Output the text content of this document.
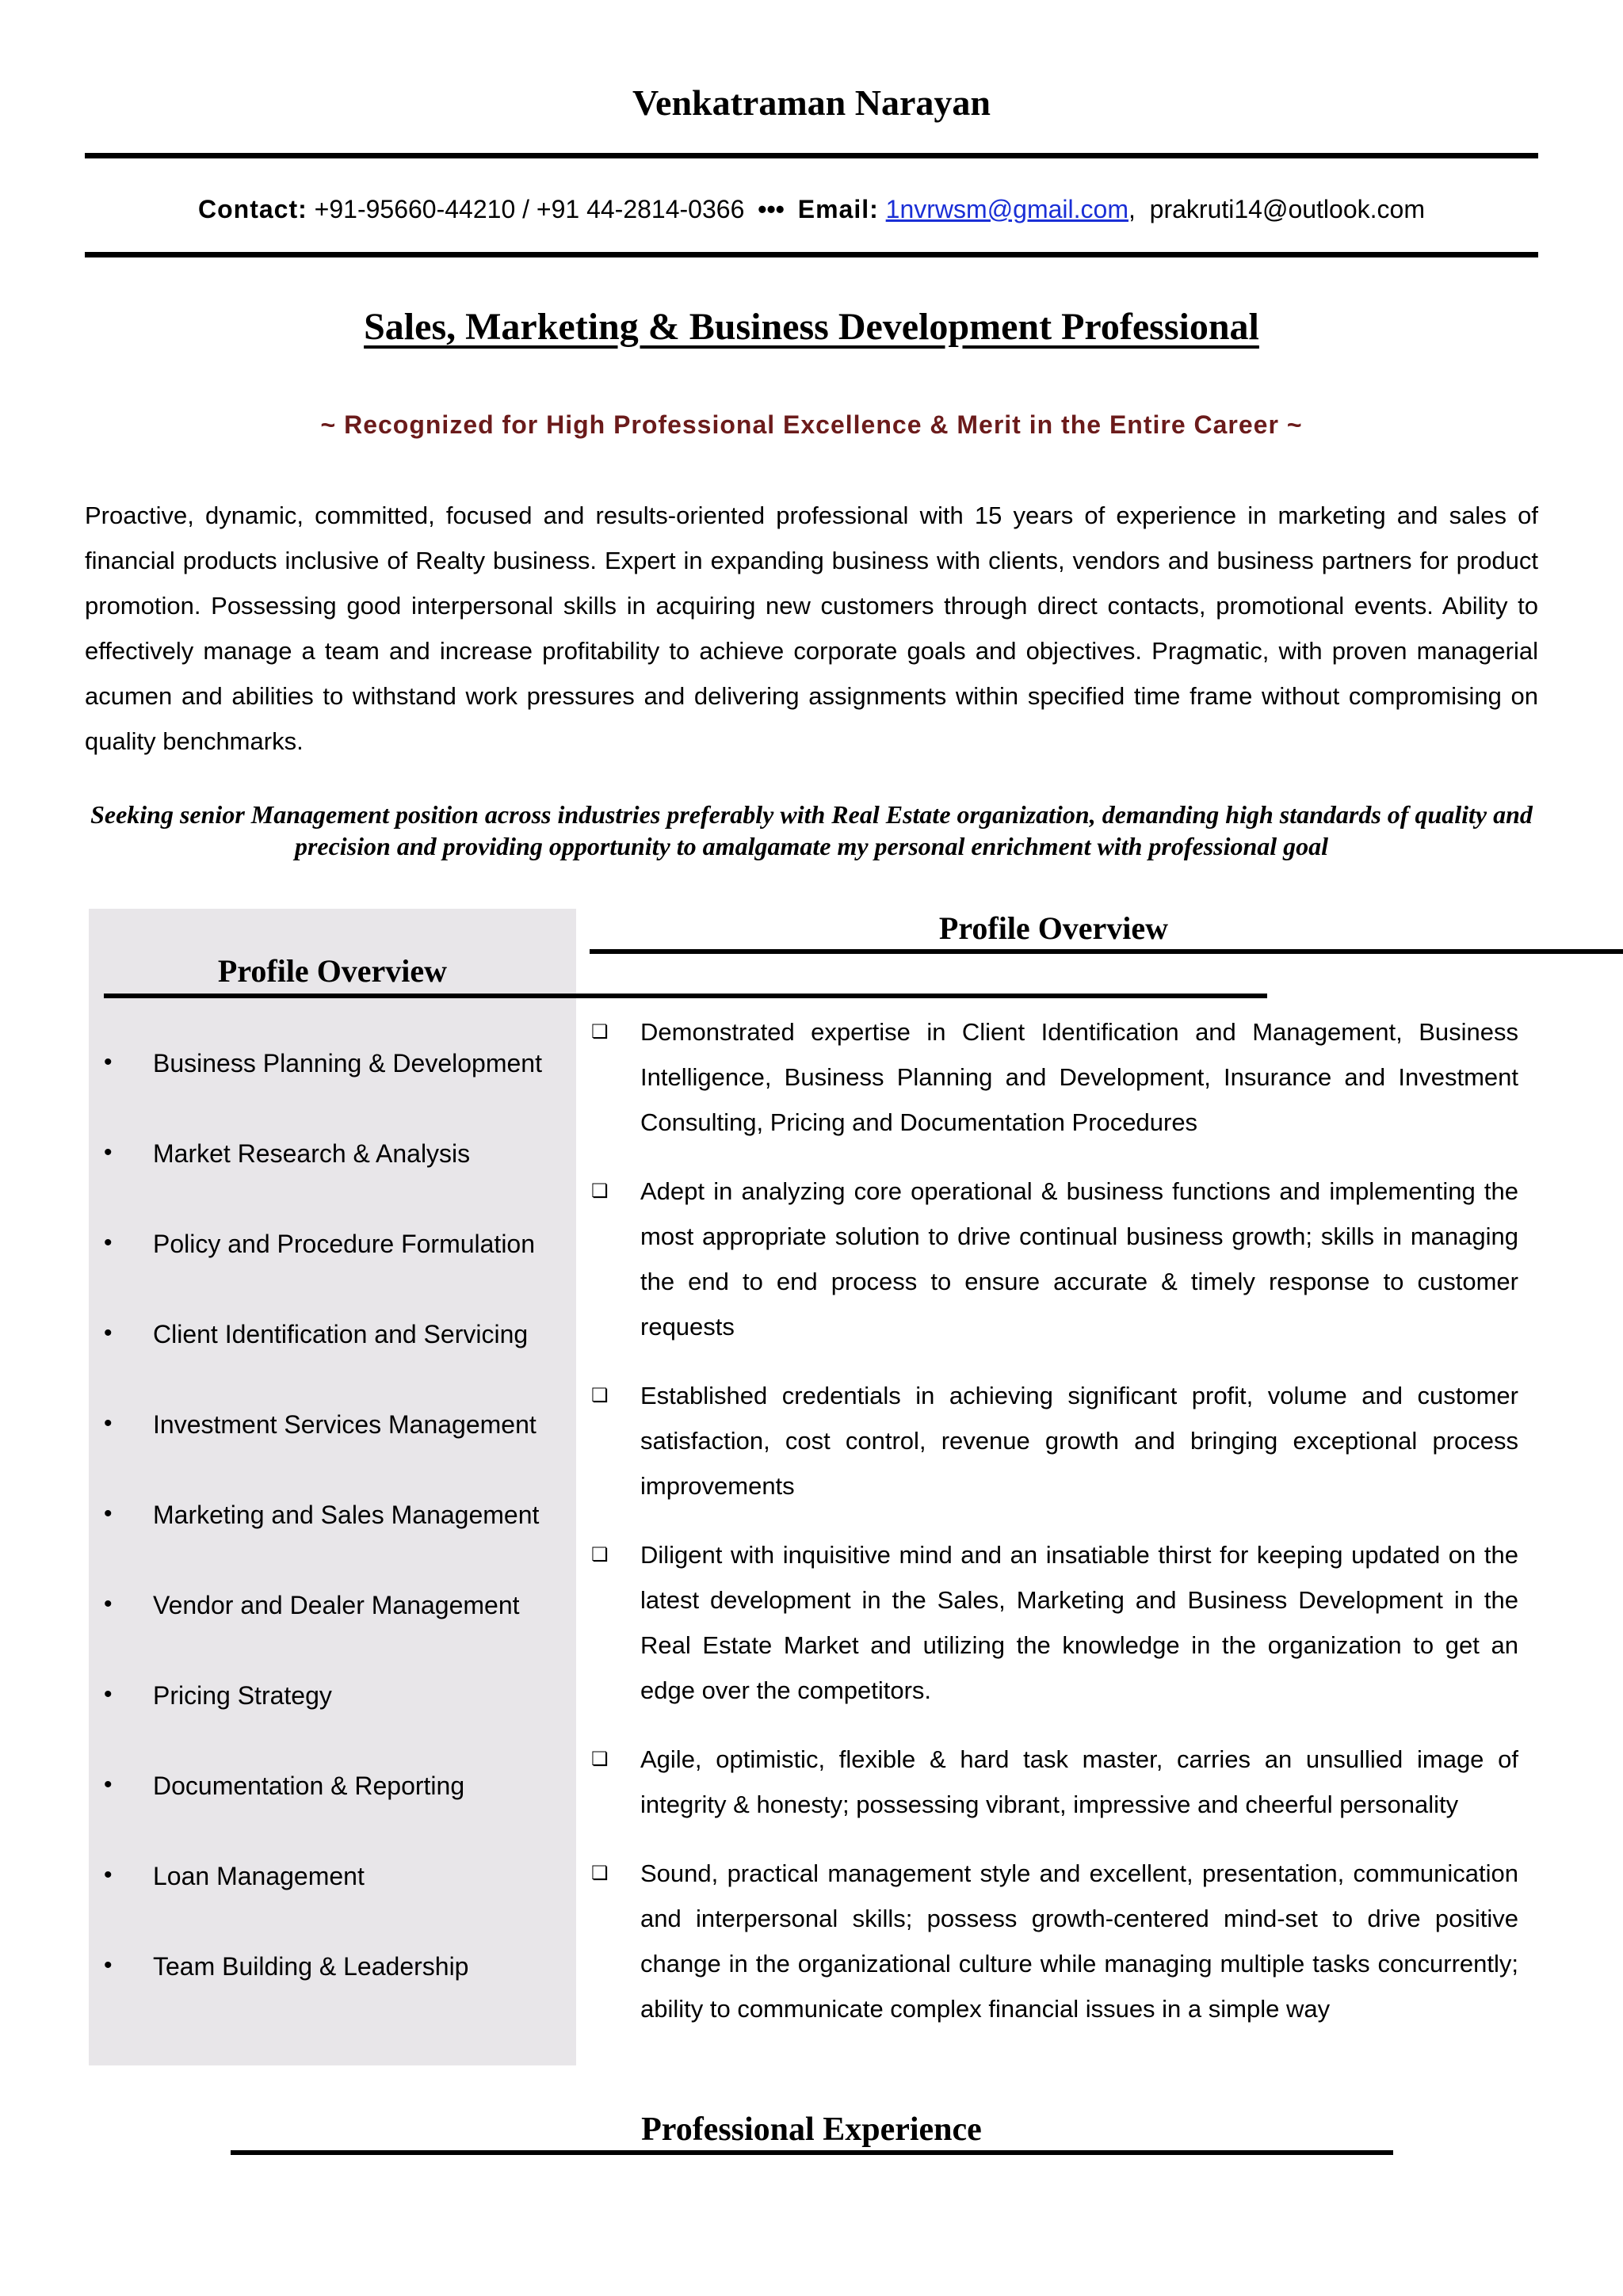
Venkatraman Narayan
Contact: +91-95660-44210 / +91 44-2814-0366 ••• Email: 1nvrwsm@gmail.com,  prakruti14@outlook.com
Sales, Marketing & Business Development Professional
~ Recognized for High Professional Excellence & Merit in the Entire Career ~
Proactive, dynamic, committed, focused and results-oriented professional with 15 years of experience in marketing and sales of financial products inclusive of Realty business. Expert in expanding business with clients, vendors and business partners for product promotion. Possessing good interpersonal skills in acquiring new customers through direct contacts, promotional events. Ability to effectively manage a team and increase profitability to achieve corporate goals and objectives. Pragmatic, with proven managerial acumen and abilities to withstand work pressures and delivering assignments within specified time frame without compromising on quality benchmarks.
Seeking senior Management position across industries preferably with Real Estate organization, demanding high standards of quality and precision and providing opportunity to amalgamate my personal enrichment with professional goal
Profile Overview
• Business Planning & Development
• Market Research & Analysis
• Policy and Procedure Formulation
• Client Identification and Servicing
• Investment Services Management
• Marketing and Sales Management
• Vendor and Dealer Management
• Pricing Strategy
• Documentation & Reporting
• Loan Management
• Team Building & Leadership
Profile Overview
❏ Demonstrated expertise in Client Identification and Management, Business Intelligence, Business Planning and Development, Insurance and Investment Consulting, Pricing and Documentation Procedures
❏ Adept in analyzing core operational & business functions and implementing the most appropriate solution to drive continual business growth; skills in managing the end to end process to ensure accurate & timely response to customer requests
❏ Established credentials in achieving significant profit, volume and customer satisfaction, cost control, revenue growth and bringing exceptional process improvements
❏ Diligent with inquisitive mind and an insatiable thirst for keeping updated on the latest development in the Sales, Marketing and Business Development in the Real Estate Market and utilizing the knowledge in the organization to get an edge over the competitors.
❏ Agile, optimistic, flexible & hard task master, carries an unsullied image of integrity & honesty; possessing vibrant, impressive and cheerful personality
❏ Sound, practical management style and excellent, presentation, communication and interpersonal skills; possess growth-centered mind-set to drive positive change in the organizational culture while managing multiple tasks concurrently; ability to communicate complex financial issues in a simple way
Professional Experience
